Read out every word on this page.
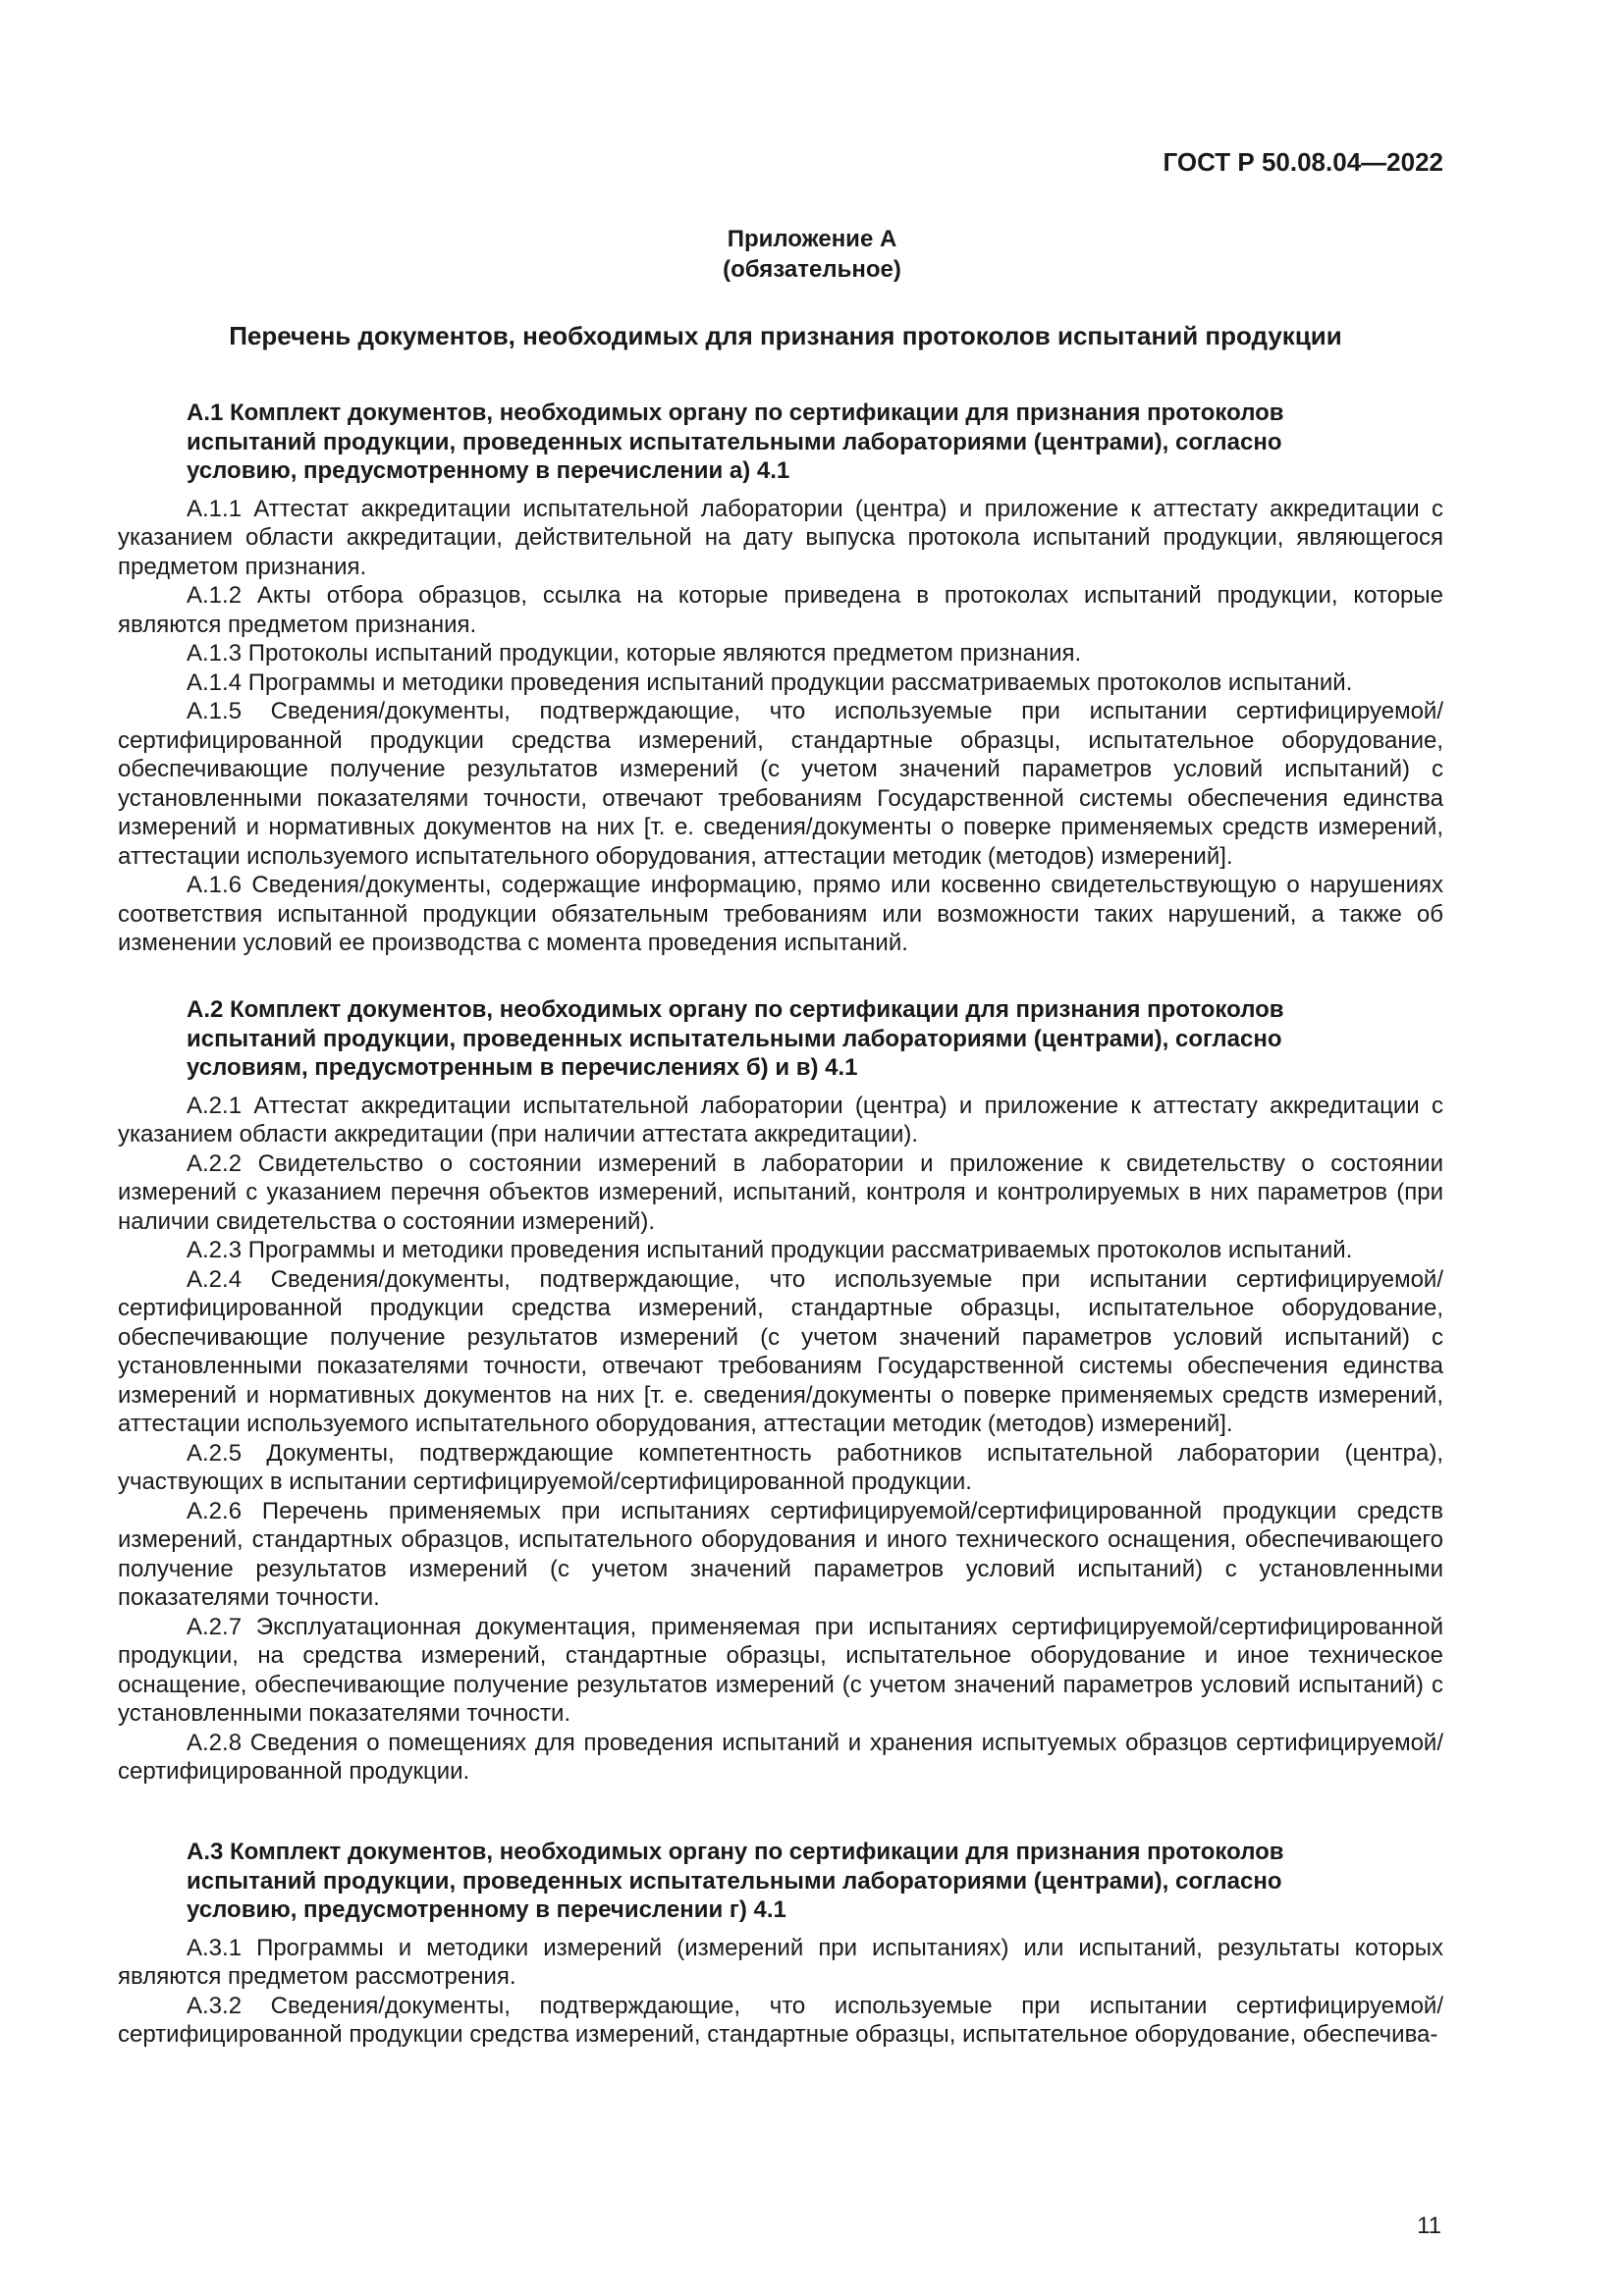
ГОСТ Р 50.08.04—2022
Приложение А
(обязательное)
Перечень документов, необходимых для признания протоколов испытаний продукции

А.1 Комплект документов, необходимых органу по сертификации для признания протоколов испытаний продукции, проведенных испытательными лабораториями (центрами), согласно условию, предусмотренному в перечислении а) 4.1

А.1.1 Аттестат аккредитации испытательной лаборатории (центра) и приложение к аттестату аккредитации с указанием области аккредитации, действительной на дату выпуска протокола испытаний продукции, являющегося предметом признания.

А.1.2 Акты отбора образцов, ссылка на которые приведена в протоколах испытаний продукции, которые являются предметом признания.

А.1.3 Протоколы испытаний продукции, которые являются предметом признания.

А.1.4 Программы и методики проведения испытаний продукции рассматриваемых протоколов испытаний.

А.1.5 Сведения/документы, подтверждающие, что используемые при испытании сертифицируемой/сертифицированной продукции средства измерений, стандартные образцы, испытательное оборудование, обеспечивающие получение результатов измерений (с учетом значений параметров условий испытаний) с установленными показателями точности, отвечают требованиям Государственной системы обеспечения единства измерений и нормативных документов на них [т. е. сведения/документы о поверке применяемых средств измерений, аттестации используемого испытательного оборудования, аттестации методик (методов) измерений].

А.1.6 Сведения/документы, содержащие информацию, прямо или косвенно свидетельствующую о нарушениях соответствия испытанной продукции обязательным требованиям или возможности таких нарушений, а также об изменении условий ее производства с момента проведения испытаний.

А.2 Комплект документов, необходимых органу по сертификации для признания протоколов испытаний продукции, проведенных испытательными лабораториями (центрами), согласно условиям, предусмотренным в перечислениях б) и в) 4.1

А.2.1 Аттестат аккредитации испытательной лаборатории (центра) и приложение к аттестату аккредитации с указанием области аккредитации (при наличии аттестата аккредитации).

А.2.2 Свидетельство о состоянии измерений в лаборатории и приложение к свидетельству о состоянии измерений с указанием перечня объектов измерений, испытаний, контроля и контролируемых в них параметров (при наличии свидетельства о состоянии измерений).

А.2.3 Программы и методики проведения испытаний продукции рассматриваемых протоколов испытаний.

А.2.4 Сведения/документы, подтверждающие, что используемые при испытании сертифицируемой/сертифицированной продукции средства измерений, стандартные образцы, испытательное оборудование, обеспечивающие получение результатов измерений (с учетом значений параметров условий испытаний) с установленными показателями точности, отвечают требованиям Государственной системы обеспечения единства измерений и нормативных документов на них [т. е. сведения/документы о поверке применяемых средств измерений, аттестации используемого испытательного оборудования, аттестации методик (методов) измерений].

А.2.5 Документы, подтверждающие компетентность работников испытательной лаборатории (центра), участвующих в испытании сертифицируемой/сертифицированной продукции.

А.2.6 Перечень применяемых при испытаниях сертифицируемой/сертифицированной продукции средств измерений, стандартных образцов, испытательного оборудования и иного технического оснащения, обеспечивающего получение результатов измерений (с учетом значений параметров условий испытаний) с установленными показателями точности.

А.2.7 Эксплуатационная документация, применяемая при испытаниях сертифицируемой/сертифицированной продукции, на средства измерений, стандартные образцы, испытательное оборудование и иное техническое оснащение, обеспечивающие получение результатов измерений (с учетом значений параметров условий испытаний) с установленными показателями точности.

А.2.8 Сведения о помещениях для проведения испытаний и хранения испытуемых образцов сертифицируемой/сертифицированной продукции.

А.3 Комплект документов, необходимых органу по сертификации для признания протоколов испытаний продукции, проведенных испытательными лабораториями (центрами), согласно условию, предусмотренному в перечислении г) 4.1

А.3.1 Программы и методики измерений (измерений при испытаниях) или испытаний, результаты которых являются предметом рассмотрения.

А.3.2 Сведения/документы, подтверждающие, что используемые при испытании сертифицируемой/сертифицированной продукции средства измерений, стандартные образцы, испытательное оборудование, обеспечива-

11
